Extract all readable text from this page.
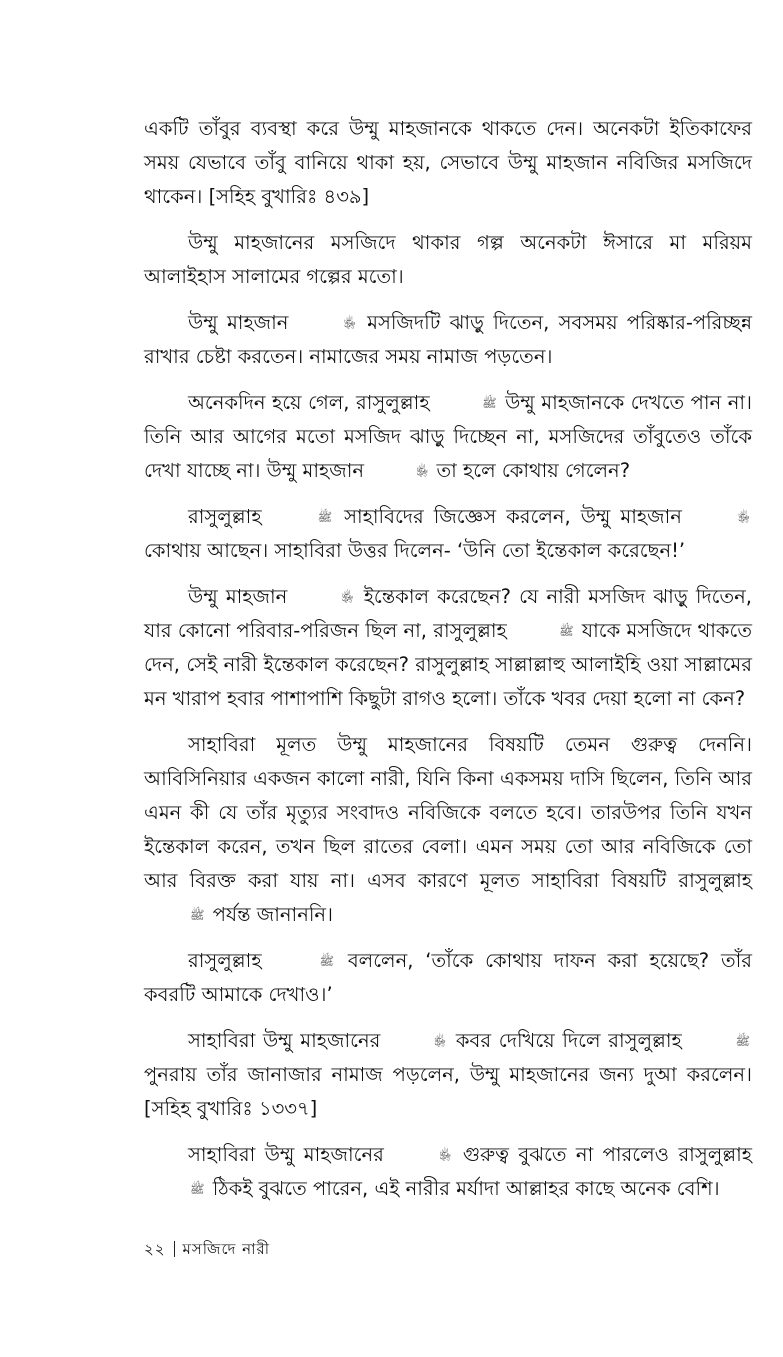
একটি তাঁবুর ব্যবস্থা করে উম্মু মাহজানকে থাকতে দেন। অনেকটা ইতিকাফের সময় যেভাবে তাঁবু বানিয়ে থাকা হয়, সেভাবে উম্মু মাহজান নবিজির মসজিদে থাকেন। [সহিহ বুখারিঃ ৪৩৯]

উম্মু মাহজানের মসজিদে থাকার গল্প অনেকটা ঈসারে মা মরিয়ম আলাইহাস সালামের গল্পের মতো।

উম্মু মাহজান	﵂ মসজিদটি ঝাড়ু দিতেন, সবসময় পরিষ্কার-পরিচ্ছন্ন রাখার চেষ্টা করতেন। নামাজের সময় নামাজ পড়তেন।

অনেকদিন হয়ে গেল, রাসুলুল্লাহ	ﷺ উম্মু মাহজানকে দেখতে পান না। তিনি আর আগের মতো মসজিদ ঝাড়ু দিচ্ছেন না, মসজিদের তাঁবুতেও তাঁকে দেখা যাচ্ছে না। উম্মু মাহজান	﵂ তা হলে কোথায় গেলেন?

রাসুলুল্লাহ	ﷺ সাহাবিদের জিজ্ঞেস করলেন, উম্মু মাহজান	﵂ কোথায় আছেন। সাহাবিরা উত্তর দিলেন- ‘উনি তো ইন্তেকাল করেছেন!’

উম্মু মাহজান	﵂ ইন্তেকাল করেছেন? যে নারী মসজিদ ঝাড়ু দিতেন, যার কোনো পরিবার-পরিজন ছিল না, রাসুলুল্লাহ	ﷺ যাকে মসজিদে থাকতে দেন, সেই নারী ইন্তেকাল করেছেন? রাসুলুল্লাহ সাল্লাল্লাহু আলাইহি ওয়া সাল্লামের মন খারাপ হবার পাশাপাশি কিছুটা রাগও হলো। তাঁকে খবর দেয়া হলো না কেন?

সাহাবিরা মূলত উম্মু মাহজানের বিষয়টি তেমন গুরুত্ব দেননি। আবিসিনিয়ার একজন কালো নারী, যিনি কিনা একসময় দাসি ছিলেন, তিনি আর এমন কী যে তাঁর মৃত্যুর সংবাদও নবিজিকে বলতে হবে। তারউপর তিনি যখন ইন্তেকাল করেন, তখন ছিল রাতের বেলা। এমন সময় তো আর নবিজিকে তো আর বিরক্ত করা যায় না। এসব কারণে মূলত সাহাবিরা বিষয়টি রাসুলুল্লাহ ﷺ পর্যন্ত জানাননি।

রাসুলুল্লাহ	ﷺ বললেন, ‘তাঁকে কোথায় দাফন করা হয়েছে? তাঁর কবরটি আমাকে দেখাও।’

সাহাবিরা উম্মু মাহজানের	﵂ কবর দেখিয়ে দিলে রাসুলুল্লাহ	ﷺ পুনরায় তাঁর জানাজার নামাজ পড়লেন, উম্মু মাহজানের জন্য দুআ করলেন। [সহিহ বুখারিঃ ১৩৩৭]

সাহাবিরা উম্মু মাহজানের	﵂ গুরুত্ব বুঝতে না পারলেও রাসুলুল্লাহ ﷺ ঠিকই বুঝতে পারেন, এই নারীর মর্যাদা আল্লাহর কাছে অনেক বেশি।

২২ মসজিদে নারী
